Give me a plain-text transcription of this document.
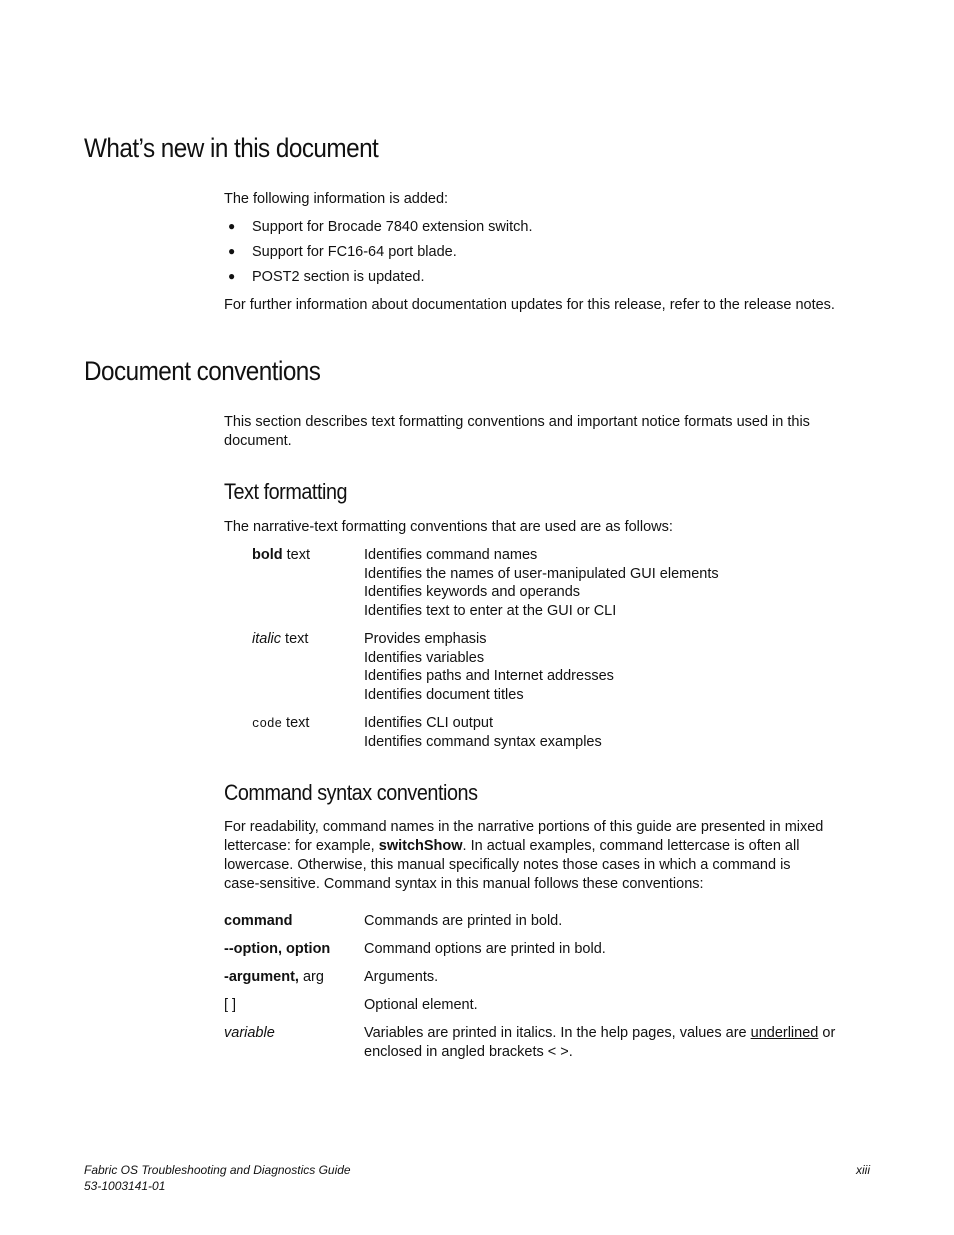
What’s new in this document
The following information is added:
● Support for Brocade 7840 extension switch.
● Support for FC16-64 port blade.
● POST2 section is updated.
For further information about documentation updates for this release, refer to the release notes.
Document conventions
This section describes text formatting conventions and important notice formats used in this
document.
Text formatting
The narrative-text formatting conventions that are used are as follows:
bold text	Identifies command names
Identifies the names of user-manipulated GUI elements
Identifies keywords and operands
Identifies text to enter at the GUI or CLI
italic text	Provides emphasis
Identifies variables
Identifies paths and Internet addresses
Identifies document titles
code text	Identifies CLI output
Identifies command syntax examples
Command syntax conventions
For readability, command names in the narrative portions of this guide are presented in mixed
lettercase: for example, switchShow. In actual examples, command lettercase is often all
lowercase. Otherwise, this manual specifically notes those cases in which a command is
case-sensitive. Command syntax in this manual follows these conventions:
command	Commands are printed in bold.
--option, option Command options are printed in bold.
-argument, arg	Arguments.
[ ]	Optional element.
variable	Variables are printed in italics. In the help pages, values are underlined or
enclosed in angled brackets < >.
Fabric OS Troubleshooting and Diagnostics Guide
53-1003141-01
xiii
